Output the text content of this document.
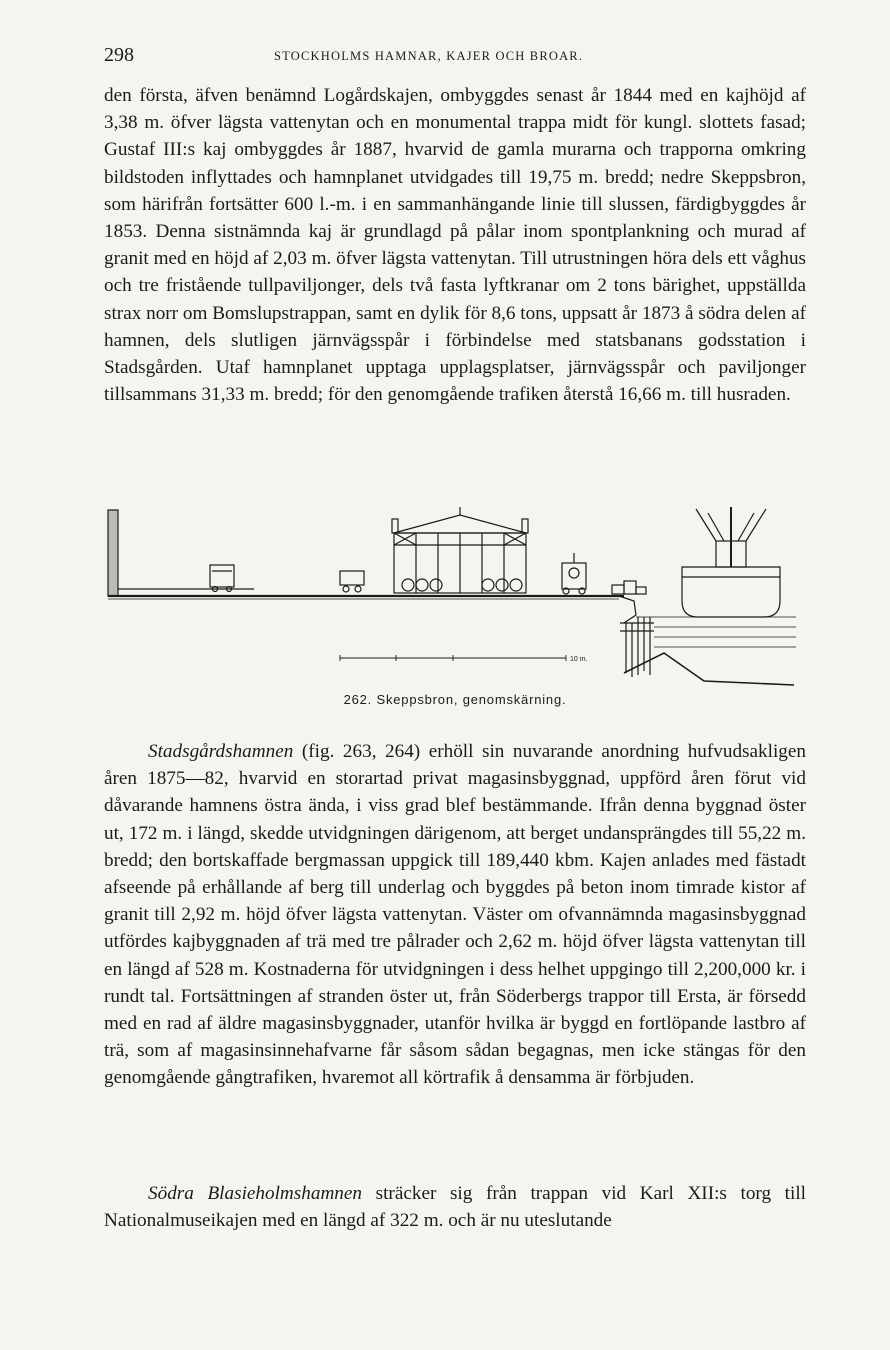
298	STOCKHOLMS HAMNAR, KAJER OCH BROAR.

den första, äfven benämnd Logårdskajen, ombyggdes senast år 1844 med en kajhöjd af 3,38 m. öfver lägsta vattenytan och en monumental trappa midt för kungl. slottets fasad; Gustaf III:s kaj ombyggdes år 1887, hvarvid de gamla murarna och trapporna omkring bildstoden inflyttades och hamnplanet utvidgades till 19,75 m. bredd; nedre Skeppsbron, som härifrån fortsätter 600 l.-m. i en sammanhängande linie till slussen, färdigbyggdes år 1853. Denna sistnämnda kaj är grundlagd på pålar inom spontplankning och murad af granit med en höjd af 2,03 m. öfver lägsta vattenytan. Till utrustningen höra dels ett våghus och tre fristående tullpaviljonger, dels två fasta lyftkranar om 2 tons bärighet, uppställda strax norr om Bomslupstrappan, samt en dylik för 8,6 tons, uppsatt år 1873 å södra delen af hamnen, dels slutligen järnvägsspår i förbindelse med statsbanans godsstation i Stadsgården. Utaf hamnplanet upptaga upplagsplatser, järnvägsspår och paviljonger tillsammans 31,33 m. bredd; för den genomgående trafiken återstå 16,66 m. till husraden.

10 m.
262. Skeppsbron, genomskärning.

Stadsgårdshamnen (fig. 263, 264) erhöll sin nuvarande anordning hufvudsakligen åren 1875—82, hvarvid en storartad privat magasinsbyggnad, uppförd åren förut vid dåvarande hamnens östra ända, i viss grad blef bestämmande. Ifrån denna byggnad öster ut, 172 m. i längd, skedde utvidgningen därigenom, att berget undansprängdes till 55,22 m. bredd; den bortskaffade bergmassan uppgick till 189,440 kbm. Kajen anlades med fästadt afseende på erhållande af berg till underlag och byggdes på beton inom timrade kistor af granit till 2,92 m. höjd öfver lägsta vattenytan. Väster om ofvannämnda magasinsbyggnad utfördes kajbyggnaden af trä med tre pålrader och 2,62 m. höjd öfver lägsta vattenytan till en längd af 528 m. Kostnaderna för utvidgningen i dess helhet uppgingo till 2,200,000 kr. i rundt tal. Fortsättningen af stranden öster ut, från Söderbergs trappor till Ersta, är försedd med en rad af äldre magasinsbyggnader, utanför hvilka är byggd en fortlöpande lastbro af trä, som af magasinsinnehafvarne får såsom sådan begagnas, men icke stängas för den genomgående gångtrafiken, hvaremot all körtrafik å densamma är förbjuden.

Södra Blasieholmshamnen sträcker sig från trappan vid Karl XII:s torg till Nationalmuseikajen med en längd af 322 m. och är nu uteslutande
